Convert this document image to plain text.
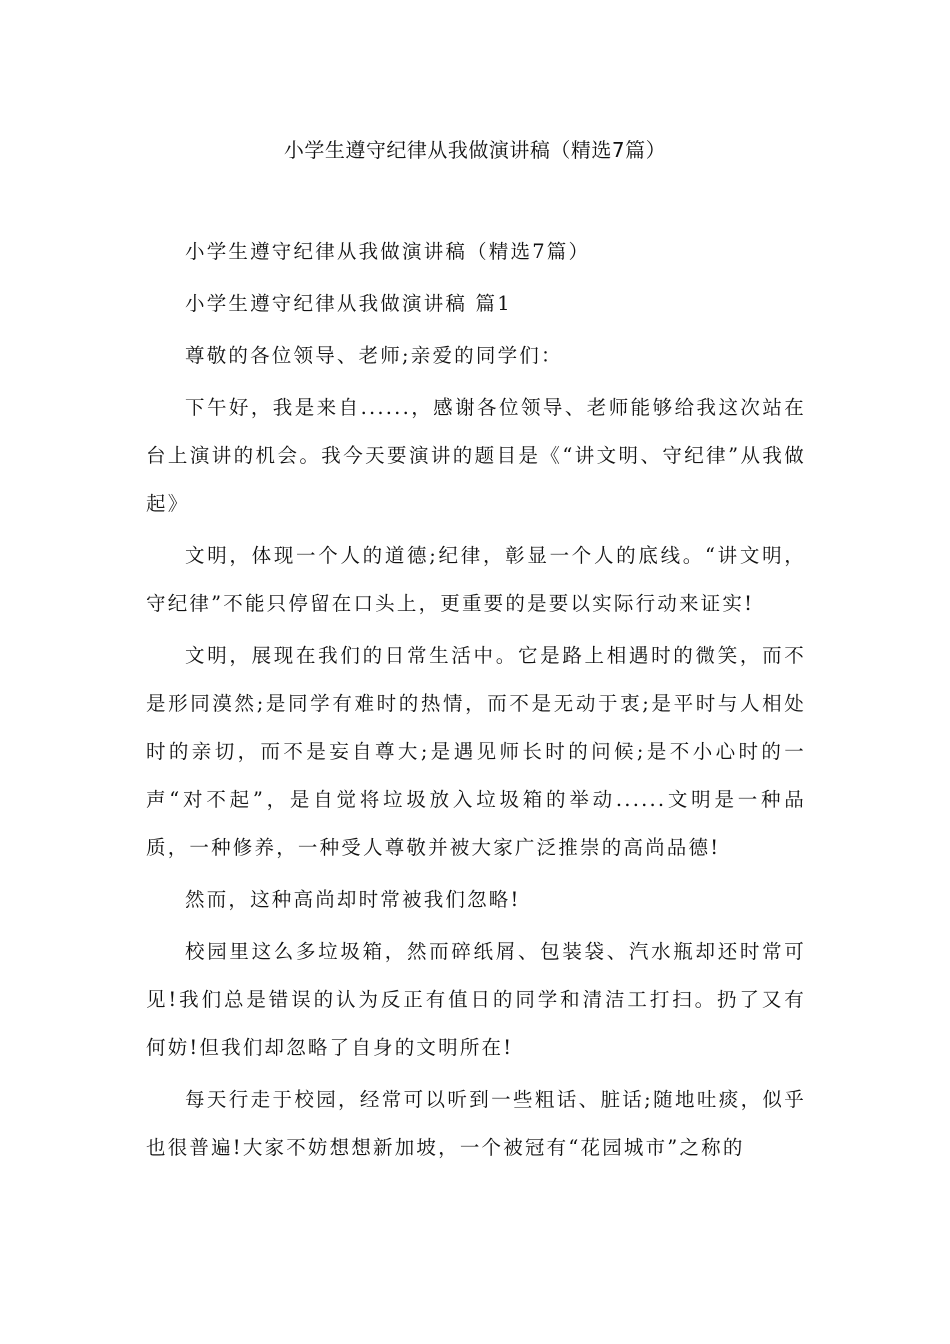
小学生遵守纪律从我做演讲稿（精选7篇）

小学生遵守纪律从我做演讲稿（精选7篇）

小学生遵守纪律从我做演讲稿 篇1

尊敬的各位领导、老师;亲爱的同学们：

下午好，我是来自......，感谢各位领导、老师能够给我这次站在台上演讲的机会。我今天要演讲的题目是《“讲文明、守纪律”从我做起》

文明，体现一个人的道德;纪律，彰显一个人的底线。“讲文明，守纪律”不能只停留在口头上，更重要的是要以实际行动来证实!

文明，展现在我们的日常生活中。它是路上相遇时的微笑，而不是形同漠然;是同学有难时的热情，而不是无动于衷;是平时与人相处时的亲切，而不是妄自尊大;是遇见师长时的问候;是不小心时的一声“对不起”，是自觉将垃圾放入垃圾箱的举动......文明是一种品质，一种修养，一种受人尊敬并被大家广泛推崇的高尚品德!

然而，这种高尚却时常被我们忽略!

校园里这么多垃圾箱，然而碎纸屑、包装袋、汽水瓶却还时常可见!我们总是错误的认为反正有值日的同学和清洁工打扫。扔了又有何妨!但我们却忽略了自身的文明所在!

每天行走于校园，经常可以听到一些粗话、脏话;随地吐痰，似乎也很普遍!大家不妨想想新加坡，一个被冠有“花园城市”之称的
